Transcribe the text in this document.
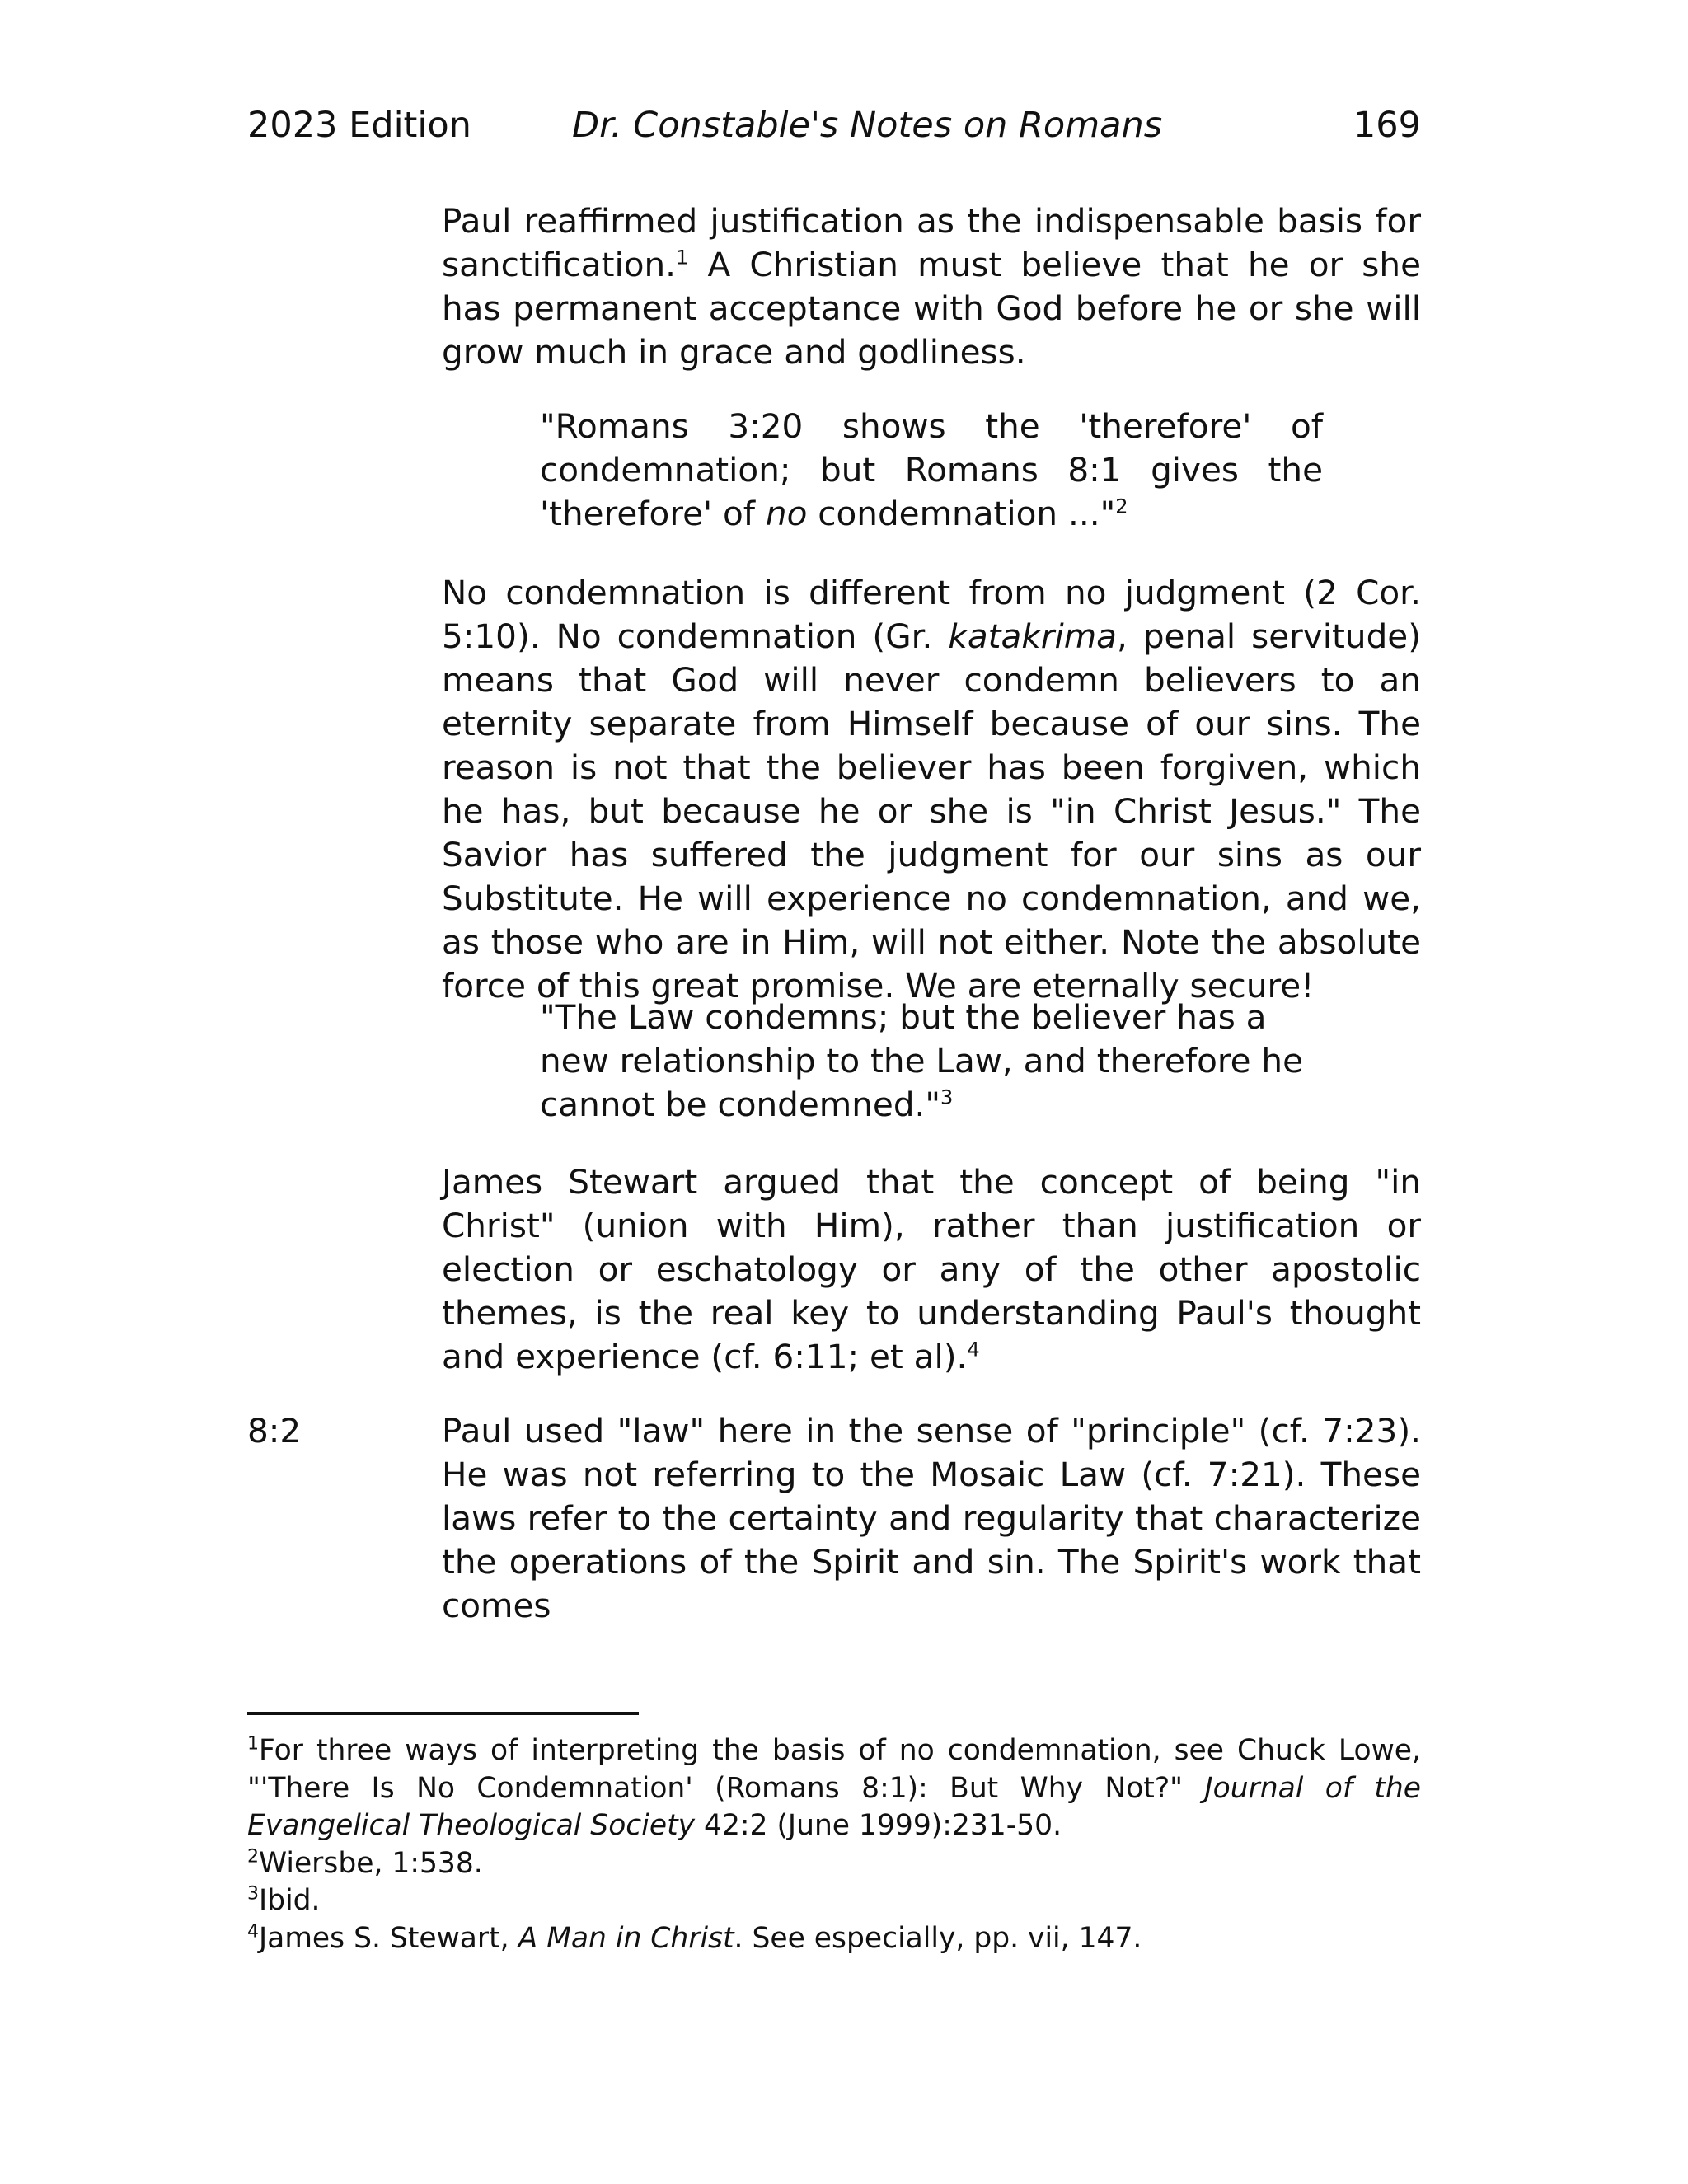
2023 Edition	Dr. Constable's Notes on Romans	169

Paul reaffirmed justification as the indispensable basis for sanctification.$^1$ A Christian must believe that he or she has permanent acceptance with God before he or she will grow much in grace and godliness.

"Romans 3:20 shows the 'therefore' of condemnation; but Romans 8:1 gives the 'therefore' of no condemnation ..."$^2$

No condemnation is different from no judgment (2 Cor. 5:10). No condemnation (Gr. katakrima, penal servitude) means that God will never condemn believers to an eternity separate from Himself because of our sins. The reason is not that the believer has been forgiven, which he has, but because he or she is "in Christ Jesus." The Savior has suffered the judgment for our sins as our Substitute. He will experience no condemnation, and we, as those who are in Him, will not either. Note the absolute force of this great promise. We are eternally secure!

"The Law condemns; but the believer has a new relationship to the Law, and therefore he cannot be condemned."$^3$

James Stewart argued that the concept of being "in Christ" (union with Him), rather than justification or election or eschatology or any of the other apostolic themes, is the real key to understanding Paul's thought and experience (cf. 6:11; et al).$^4$

8:2	Paul used "law" here in the sense of "principle" (cf. 7:23). He was not referring to the Mosaic Law (cf. 7:21). These laws refer to the certainty and regularity that characterize the operations of the Spirit and sin. The Spirit's work that comes

$^1$For three ways of interpreting the basis of no condemnation, see Chuck Lowe, "'There Is No Condemnation' (Romans 8:1): But Why Not?" Journal of the Evangelical Theological Society 42:2 (June 1999):231-50.

$^2$Wiersbe, 1:538.

$^3$Ibid.

$^4$James S. Stewart, A Man in Christ. See especially, pp. vii, 147.
